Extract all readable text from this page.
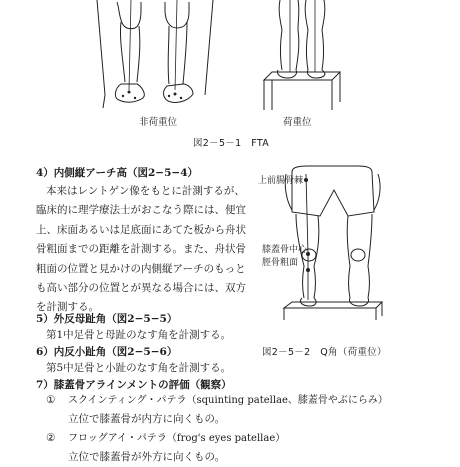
非荷重位	荷重位
図2－5－1　FTA
上前腸骨棘
膝蓋骨中心
脛骨粗面
図2－5－2　Q角（荷重位）
4）内側縦アーチ高（図2−5−4）
本来はレントゲン像をもとに計測するが、
臨床的に理学療法士がおこなう際には、便宜
上、床面あるいは足底面にあてた板から舟状
骨粗面までの距離を計測する。また、舟状骨
粗面の位置と見かけの内側縦アーチのもっと
も高い部分の位置とが異なる場合には、双方
を計測する。
5）外反母趾角（図2−5−5）
第1中足骨と母趾のなす角を計測する。
6）内反小趾角（図2−5−6）
第5中足骨と小趾のなす角を計測する。
7）膝蓋骨アラインメントの評価（観察）
① スクインティング・パテラ（squinting patellae、膝蓋骨やぶにらみ）
立位で膝蓋骨が内方に向くもの。
② フロッグアイ・パテラ（frog's eyes patellae）
立位で膝蓋骨が外方に向くもの。
